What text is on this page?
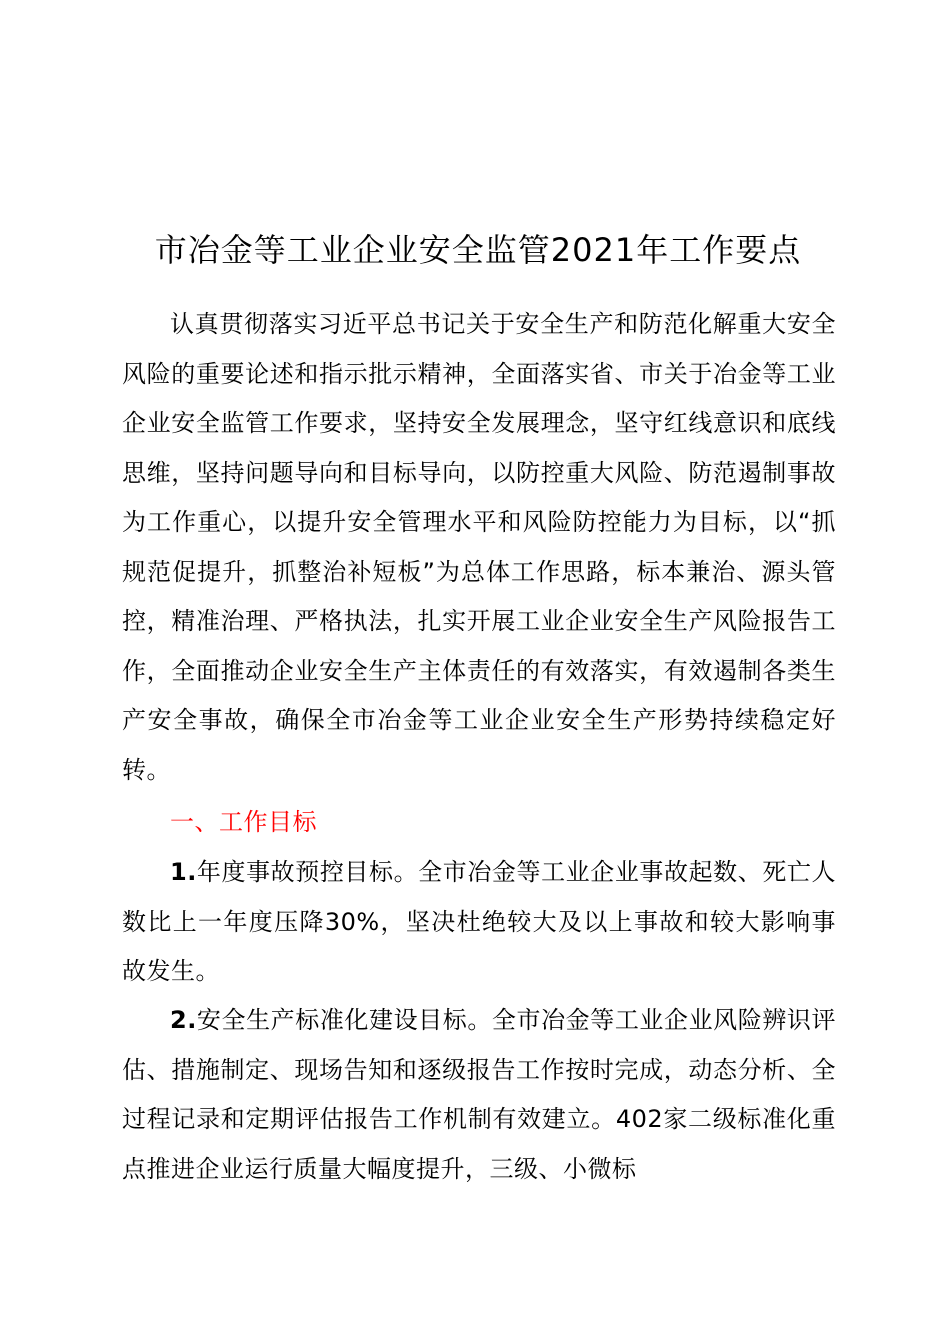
市冶金等工业企业安全监管2021年工作要点
认真贯彻落实习近平总书记关于安全生产和防范化解重大安全风险的重要论述和指示批示精神，全面落实省、市关于冶金等工业企业安全监管工作要求，坚持安全发展理念，坚守红线意识和底线思维，坚持问题导向和目标导向，以防控重大风险、防范遏制事故为工作重心，以提升安全管理水平和风险防控能力为目标，以“抓规范促提升，抓整治补短板”为总体工作思路，标本兼治、源头管控，精准治理、严格执法，扎实开展工业企业安全生产风险报告工作，全面推动企业安全生产主体责任的有效落实，有效遏制各类生产安全事故，确保全市冶金等工业企业安全生产形势持续稳定好转。
一、工作目标
1.年度事故预控目标。全市冶金等工业企业事故起数、死亡人数比上一年度压降30%，坚决杜绝较大及以上事故和较大影响事故发生。
2.安全生产标准化建设目标。全市冶金等工业企业风险辨识评估、措施制定、现场告知和逐级报告工作按时完成，动态分析、全过程记录和定期评估报告工作机制有效建立。402家二级标准化重点推进企业运行质量大幅度提升，三级、小微标
